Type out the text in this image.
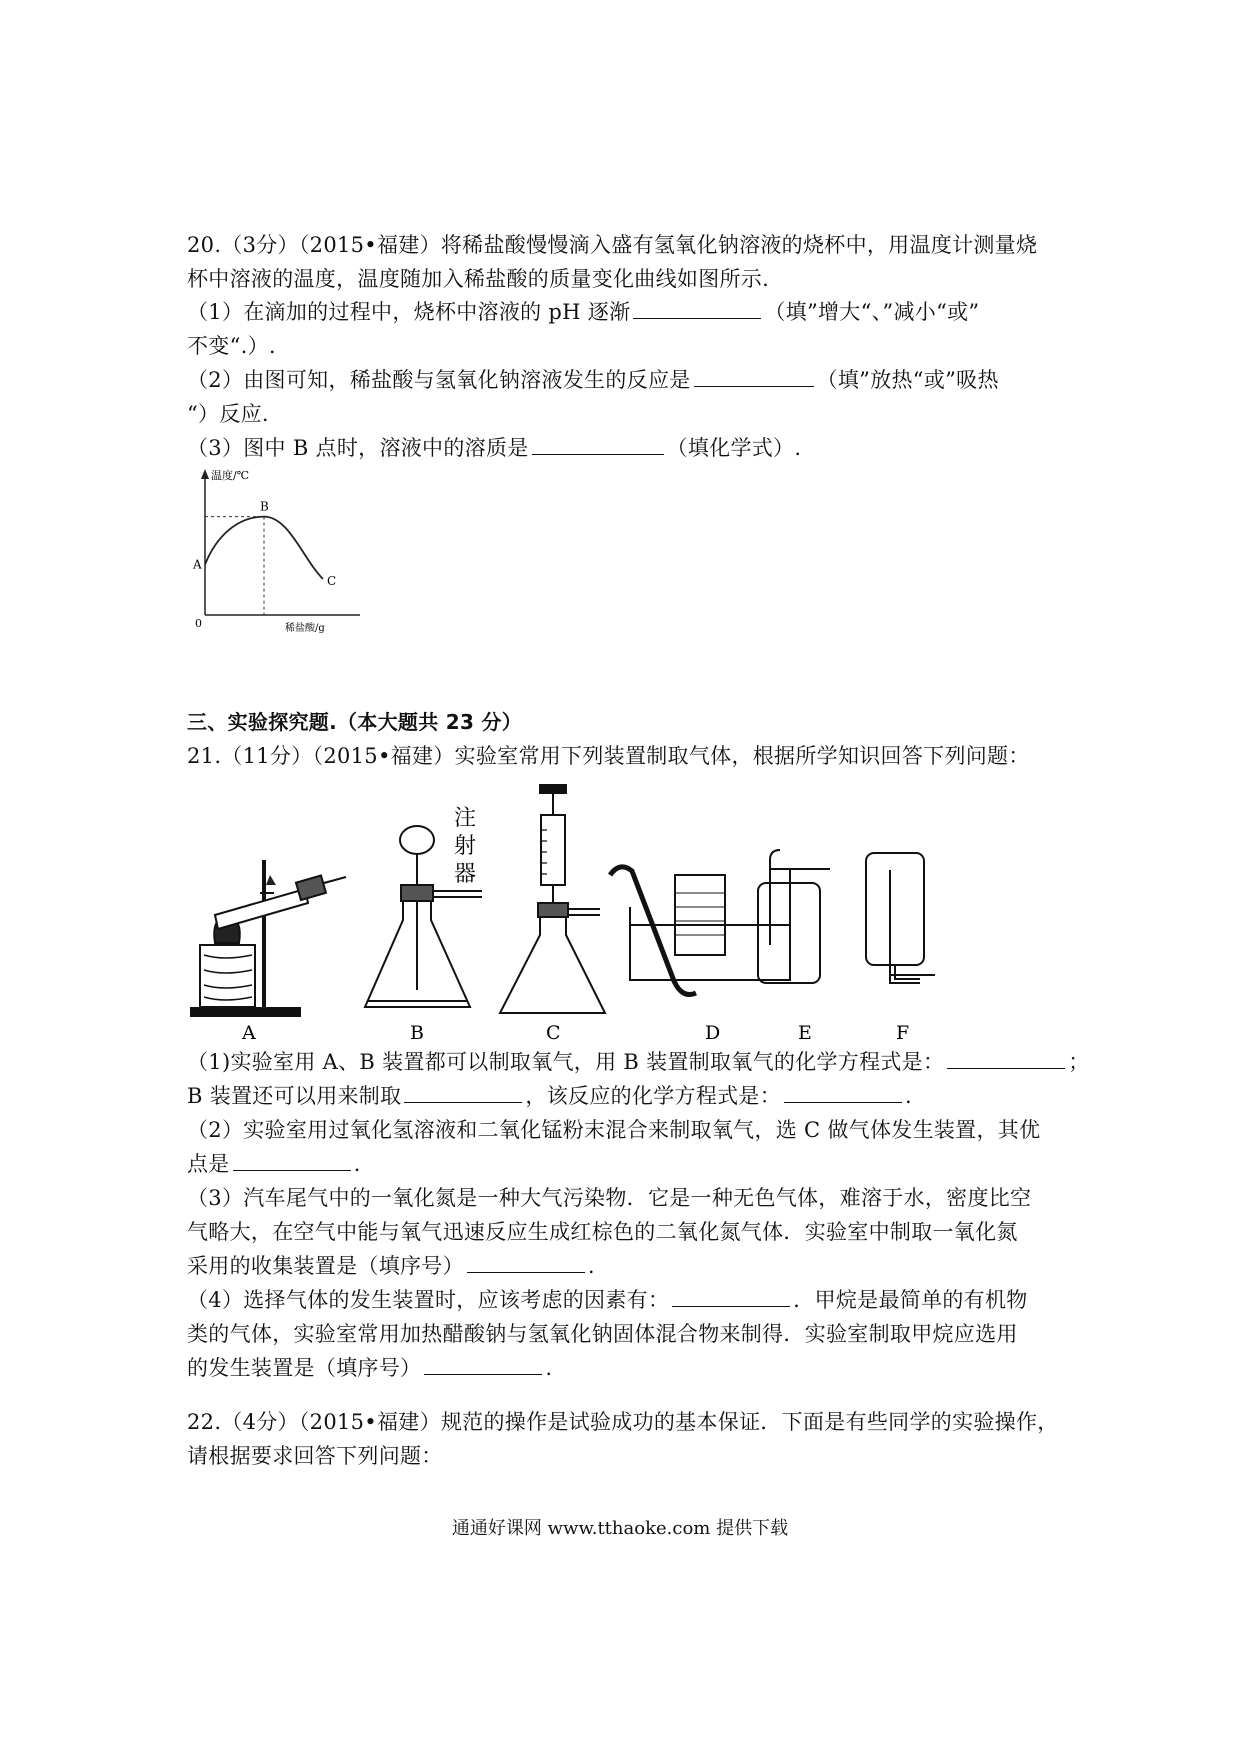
20.（3分）（2015•福建）将稀盐酸慢慢滴入盛有氢氧化钠溶液的烧杯中，用温度计测量烧
杯中溶液的温度，温度随加入稀盐酸的质量变化曲线如图所示.
（1）在滴加的过程中，烧杯中溶液的 pH 逐渐	（填”增大“、”减小“或”
不变“.）.
（2）由图可知，稀盐酸与氢氧化钠溶液发生的反应是	（填”放热“或”吸热
“）反应.
（3）图中 B 点时，溶液中的溶质是	（填化学式）.
温度/℃
稀盐酸/g
0
A
B
C
三、实验探究题.（本大题共 23 分）
21.（11分）（2015•福建）实验室常用下列装置制取气体，根据所学知识回答下列问题：
注
射
器
A	B	C	D	E	F
（1)实验室用 A、B 装置都可以制取氧气，用 B 装置制取氧气的化学方程式是：	；
B 装置还可以用来制取	，该反应的化学方程式是：	.
（2）实验室用过氧化氢溶液和二氧化锰粉末混合来制取氧气，选 C 做气体发生装置，其优
点是	.
（3）汽车尾气中的一氧化氮是一种大气污染物．它是一种无色气体，难溶于水，密度比空
气略大，在空气中能与氧气迅速反应生成红棕色的二氧化氮气体．实验室中制取一氧化氮
采用的收集装置是（填序号）	.
（4）选择气体的发生装置时，应该考虑的因素有：	．甲烷是最简单的有机物
类的气体，实验室常用加热醋酸钠与氢氧化钠固体混合物来制得．实验室制取甲烷应选用
的发生装置是（填序号）	.
22.（4分）（2015•福建）规范的操作是试验成功的基本保证．下面是有些同学的实验操作，
请根据要求回答下列问题：
通通好课网 www.tthaoke.com 提供下载
